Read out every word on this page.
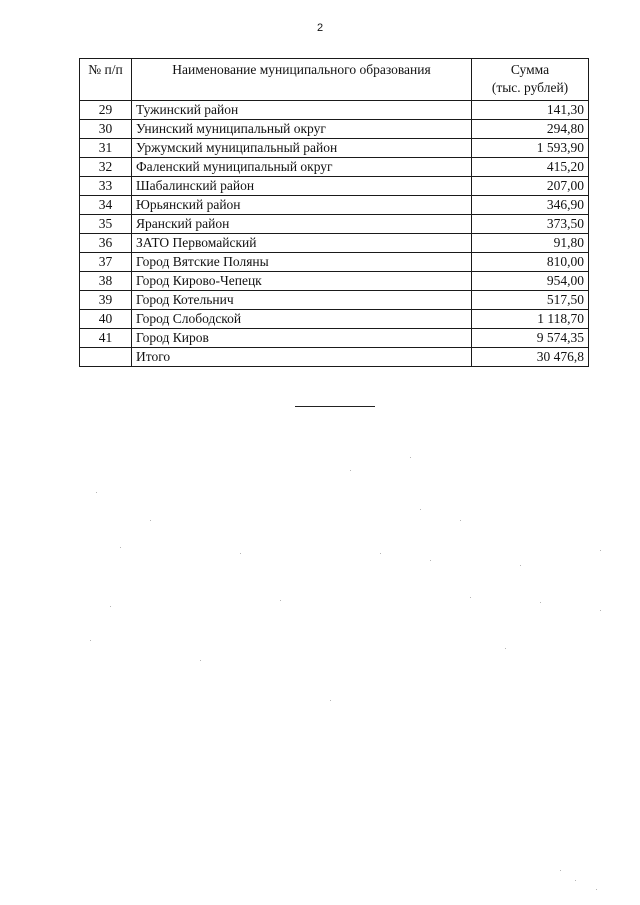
2
№ п/п	Наименование муниципального образования	Сумма
(тыс. рублей)

29	Тужинский район	141,30
30	Унинский муниципальный округ	294,80
31	Уржумский муниципальный район	1 593,90
32	Фаленский муниципальный округ	415,20
33	Шабалинский район	207,00
34	Юрьянский район	346,90
35	Яранский район	373,50
36	ЗАТО Первомайский	91,80
37	Город Вятские Поляны	810,00
38	Город Кирово-Чепецк	954,00
39	Город Котельнич	517,50
40	Город Слободской	1 118,70
41	Город Киров	9 574,35
	Итого	30 476,8
